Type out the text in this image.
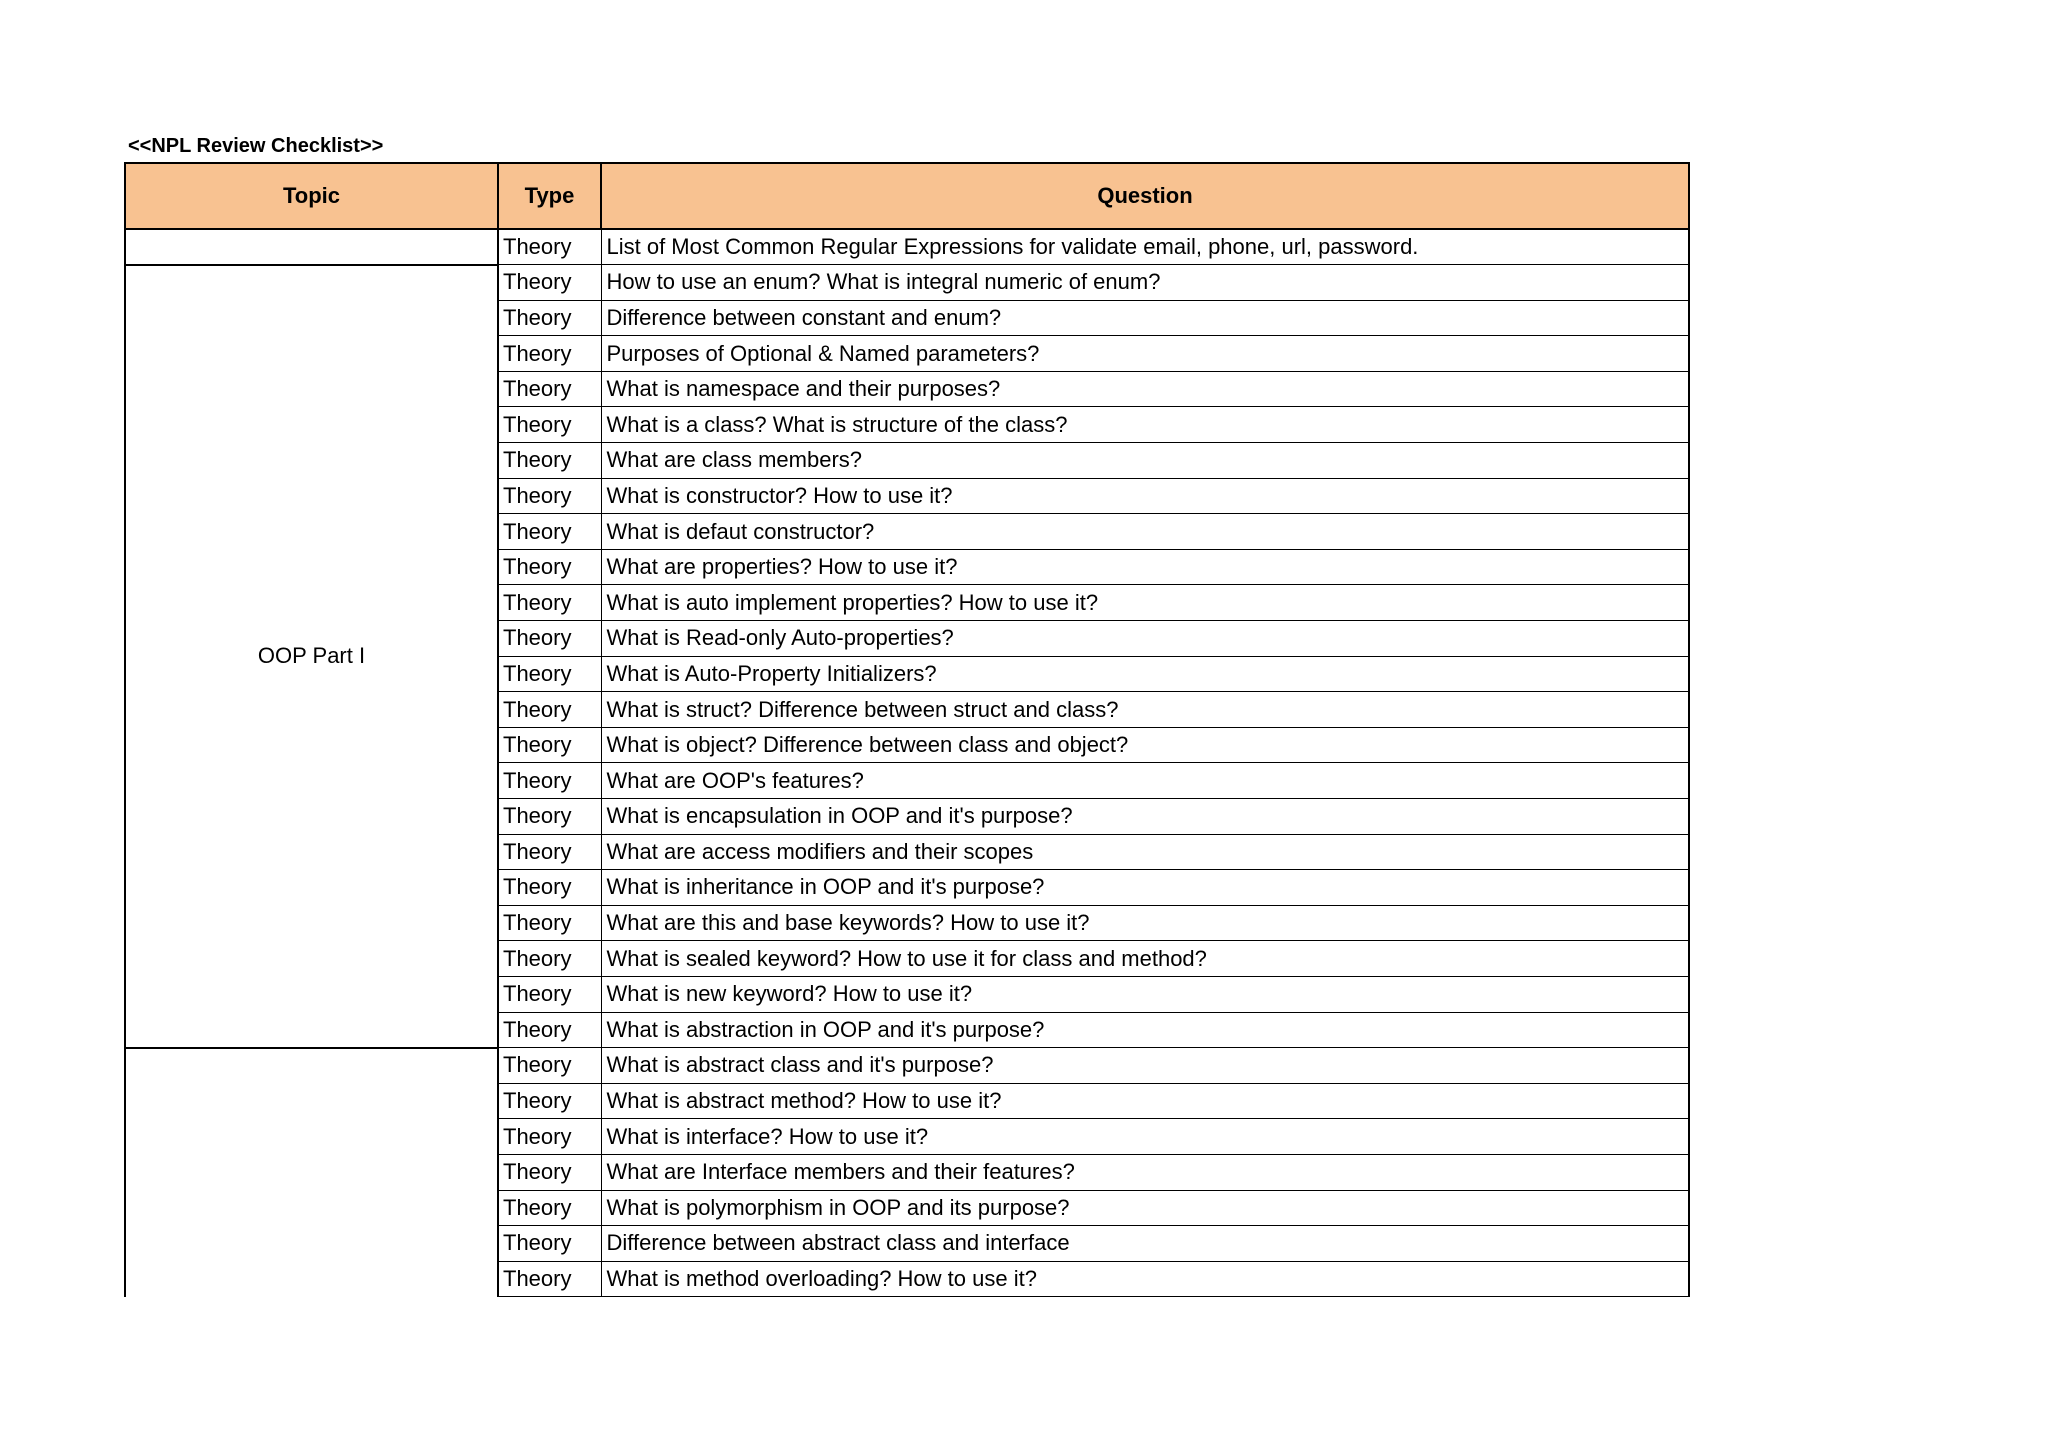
<<NPL Review Checklist>>
Topic	Type	Question
	Theory	List of Most Common Regular Expressions for validate email, phone, url, password.
OOP Part I	Theory	How to use an enum? What is integral numeric of enum?
	Theory	Difference between constant and enum?
	Theory	Purposes of Optional & Named parameters?
	Theory	What is namespace and their purposes?
	Theory	What is a class? What is structure of the class?
	Theory	What are class members?
	Theory	What is constructor? How to use it?
	Theory	What is defaut constructor?
	Theory	What are properties? How to use it?
	Theory	What is auto implement properties? How to use it?
	Theory	What is Read-only Auto-properties?
	Theory	What is Auto-Property Initializers?
	Theory	What is struct? Difference between struct and class?
	Theory	What is object? Difference between class and object?
	Theory	What are OOP's features?
	Theory	What is encapsulation in OOP and it's purpose?
	Theory	What are access modifiers and their scopes
	Theory	What is inheritance in OOP and it's purpose?
	Theory	What are this and base keywords? How to use it?
	Theory	What is sealed keyword? How to use it for class and method?
	Theory	What is new keyword? How to use it?
	Theory	What is abstraction in OOP and it's purpose?
	Theory	What is abstract class and it's purpose?
	Theory	What is abstract method? How to use it?
	Theory	What is interface? How to use it?
	Theory	What are Interface members and their features?
	Theory	What is polymorphism in OOP and its purpose?
	Theory	Difference between abstract class and interface
	Theory	What is method overloading? How to use it?
